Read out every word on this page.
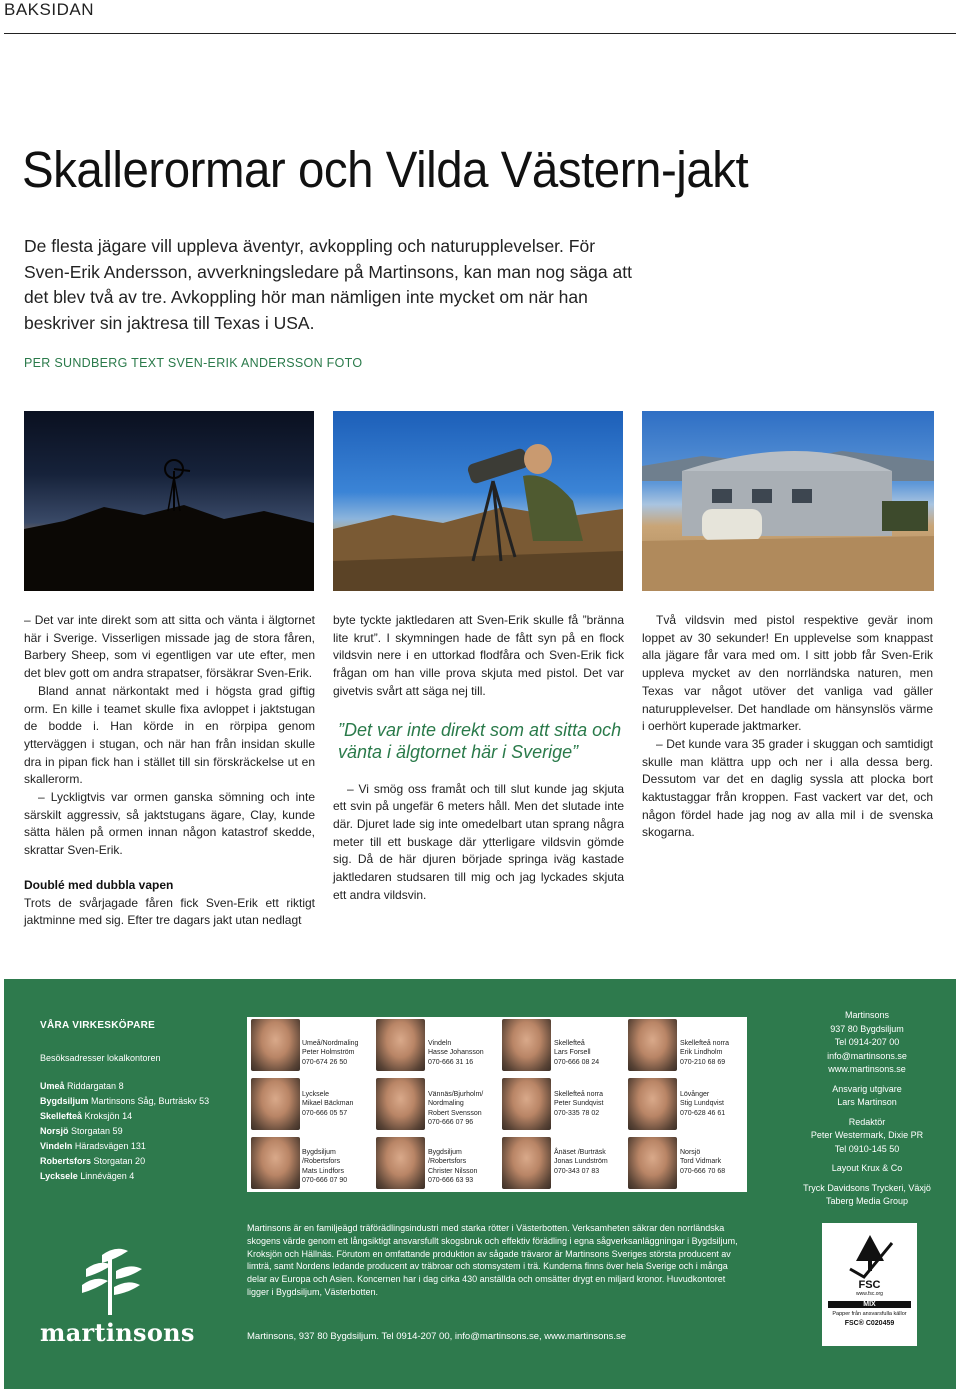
BAKSIDAN
Skallerormar och Vilda Västern-jakt
De flesta jägare vill uppleva äventyr, avkoppling och naturupplevelser. För Sven-Erik Andersson, avverkningsledare på Martinsons, kan man nog säga att det blev två av tre. Avkoppling hör man nämligen inte mycket om när han beskriver sin jaktresa till Texas i USA.
PER SUNDBERG TEXT SVEN-ERIK ANDERSSON FOTO

– Det var inte direkt som att sitta och vänta i älgtornet här i Sverige. Visserligen missade jag de stora fåren, Barbery Sheep, som vi egentligen var ute efter, men det blev gott om andra strapatser, försäkrar Sven-Erik.

Bland annat närkontakt med i högsta grad giftig orm. En kille i teamet skulle fixa avloppet i jaktstugan de bodde i. Han körde in en rörpipa genom ytterväggen i stugan, och när han från insidan skulle dra in pipan fick han i stället till sin förskräckelse ut en skallerorm.

– Lyckligtvis var ormen ganska sömning och inte särskilt aggressiv, så jaktstugans ägare, Clay, kunde sätta hälen på ormen innan någon katastrof skedde, skrattar Sven-Erik.

Doublé med dubbla vapen

Trots de svårjagade fåren fick Sven-Erik ett riktigt jaktminne med sig. Efter tre dagars jakt utan nedlagt

byte tyckte jaktledaren att Sven-Erik skulle få ”bränna lite krut”. I skymningen hade de fått syn på en flock vildsvin nere i en uttorkad flodfåra och Sven-Erik fick frågan om han ville prova skjuta med pistol. Det var givetvis svårt att säga nej till.

”Det var inte direkt som att sitta och vänta i älgtornet här i Sverige”

– Vi smög oss framåt och till slut kunde jag skjuta ett svin på ungefär 6 meters håll. Men det slutade inte där. Djuret lade sig inte omedelbart utan sprang några meter till ett buskage där ytterligare vildsvin gömde sig. Då de här djuren började springa iväg kastade jaktledaren studsaren till mig och jag lyckades skjuta ett andra vildsvin.

Två vildsvin med pistol respektive gevär inom loppet av 30 sekunder! En upplevelse som knappast alla jägare får vara med om. I sitt jobb får Sven-Erik uppleva mycket av den norrländska naturen, men Texas var något utöver det vanliga vad gäller naturupplevelser. Det handlade om hänsynslös värme i oerhört kuperade jaktmarker.

– Det kunde vara 35 grader i skuggan och samtidigt skulle man klättra upp och ner i alla dessa berg. Dessutom var det en daglig syssla att plocka bort kaktustaggar från kroppen. Fast vackert var det, och någon fördel hade jag nog av alla mil i de svenska skogarna.

VÅRA VIRKESKÖPARE
Besöksadresser lokalkontoren
Umeå Riddargatan 8
Bygdsiljum Martinsons Såg, Burträskv 53
Skellefteå Kroksjön 14
Norsjö Storgatan 59
Vindeln Häradsvägen 131
Robertsfors Storgatan 20
Lycksele Linnévägen 4
Umeå/Nordmaling
Peter Holmström
070-674 26 50
Vindeln
Hasse Johansson
070-666 31 16
Skellefteå
Lars Forsell
070-666 08 24
Skellefteå norra
Erik Lindholm
070-210 68 69
Lycksele
Mikael Bäckman
070-666 05 57
Vännäs/Bjurholm/ Nordmaling
Robert Svensson
070-666 07 96
Skellefteå norra
Peter Sundqvist
070-335 78 02
Lövånger
Stig Lundqvist
070-628 46 61
Bygdsiljum /Robertsfors
Mats Lindfors
070-666 07 90
Bygdsiljum /Robertsfors
Christer Nilsson
070-666 63 93
Ånäset /Burträsk
Jonas Lundström
070-343 07 83
Norsjö
Tord Vidmark
070-666 70 68
Martinsons
937 80 Bygdsiljum
Tel 0914-207 00
info@martinsons.se
www.martinsons.se
Ansvarig utgivare
Lars Martinson
Redaktör
Peter Westermark, Dixie PR
Tel 0910-145 50
Layout Krux & Co
Tryck Davidsons Tryckeri, Växjö Taberg Media Group
Martinsons är en familjeägd träförädlingsindustri med starka rötter i Västerbotten. Verksamheten säkrar den norrländska skogens värde genom ett långsiktigt ansvarsfullt skogsbruk och effektiv förädling i egna sågverksanläggningar i Bygdsiljum, Kroksjön och Hällnäs. Förutom en omfattande produktion av sågade trävaror är Martinsons Sveriges största producent av limträ, samt Nordens ledande producent av träbroar och stomsystem i trä. Kunderna finns över hela Sverige och i många delar av Europa och Asien. Koncernen har i dag cirka 430 anställda och omsätter drygt en miljard kronor. Huvudkontoret ligger i Bygdsiljum, Västerbotten.
Martinsons, 937 80 Bygdsiljum. Tel 0914-207 00, info@martinsons.se, www.martinsons.se
martinsons
FSC
www.fsc.org
MIX
Papper från ansvarsfulla källor
FSC® C020459
